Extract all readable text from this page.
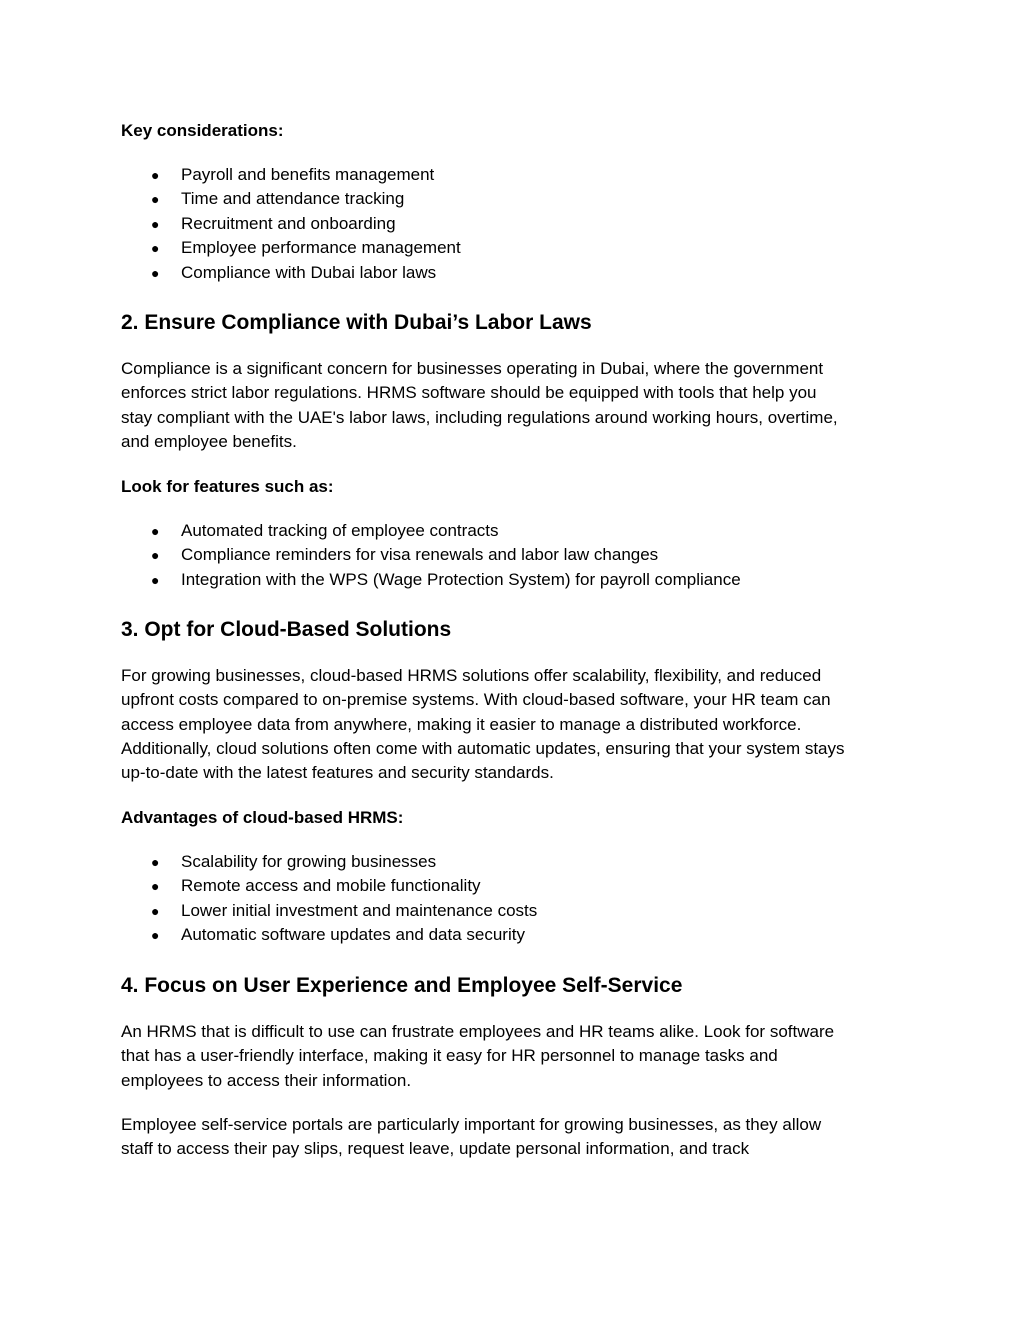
Key considerations:

● Payroll and benefits management
● Time and attendance tracking
● Recruitment and onboarding
● Employee performance management
● Compliance with Dubai labor laws
2. Ensure Compliance with Dubai’s Labor Laws

Compliance is a significant concern for businesses operating in Dubai, where the government
enforces strict labor regulations. HRMS software should be equipped with tools that help you
stay compliant with the UAE's labor laws, including regulations around working hours, overtime,
and employee benefits.

Look for features such as:

● Automated tracking of employee contracts
● Compliance reminders for visa renewals and labor law changes
● Integration with the WPS (Wage Protection System) for payroll compliance
3. Opt for Cloud-Based Solutions

For growing businesses, cloud-based HRMS solutions offer scalability, flexibility, and reduced
upfront costs compared to on-premise systems. With cloud-based software, your HR team can
access employee data from anywhere, making it easier to manage a distributed workforce.
Additionally, cloud solutions often come with automatic updates, ensuring that your system stays
up-to-date with the latest features and security standards.

Advantages of cloud-based HRMS:

● Scalability for growing businesses
● Remote access and mobile functionality
● Lower initial investment and maintenance costs
● Automatic software updates and data security
4. Focus on User Experience and Employee Self-Service

An HRMS that is difficult to use can frustrate employees and HR teams alike. Look for software
that has a user-friendly interface, making it easy for HR personnel to manage tasks and
employees to access their information.

Employee self-service portals are particularly important for growing businesses, as they allow
staff to access their pay slips, request leave, update personal information, and track
